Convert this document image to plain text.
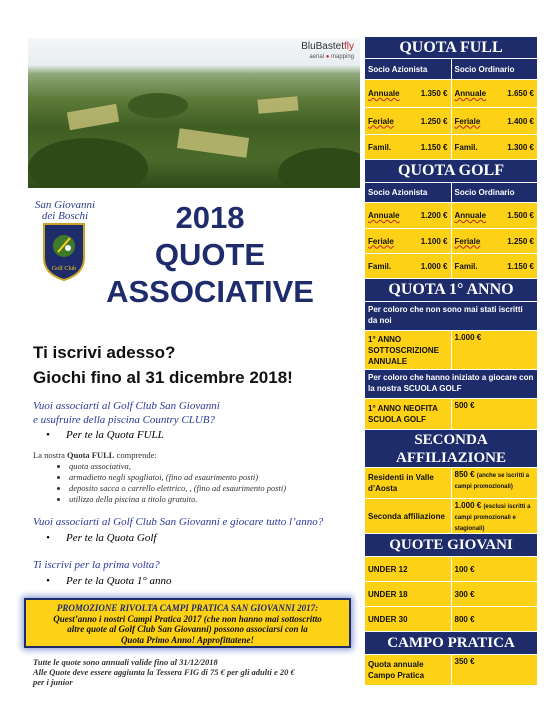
BluBastetfly
aerial ● mapping
San Giovanni
dei Boschi
Golf Club
2018
QUOTE
ASSOCIATIVE
Ti iscrivi adesso?
Giochi fino al 31 dicembre 2018!
Vuoi associarti al Golf Club San Giovanni
e usufruire della piscina Country CLUB?
• Per te la Quota FULL
La nostra Quota FULL comprende:
• quota associativa,
• armadietto negli spogliatoi, (fino ad esaurimento posti)
• deposito sacca o carrello elettrico, , (fino ad esaurimento posti)
• utilizzo della piscina a titolo gratuito.
Vuoi associarti al Golf Club San Giovanni e giocare tutto l’anno?
• Per te la Quota Golf
Ti iscrivi per la prima volta?
• Per te la Quota 1° anno
PROMOZIONE RIVOLTA CAMPI PRATICA SAN GIOVANNI 2017:
Quest’anno i nostri Campi Pratica 2017 (che non hanno mai sottoscritto
altre quote al Golf Club San Giovanni) possono associarsi con la
Quota Primo Anno! Approfittatene!
Tutte le quote sono annuali valide fino al 31/12/2018
Alle Quote deve essere aggiunta la Tessera FIG di 75 € per gli adulti e 20 €
per i junior
QUOTA FULL
Socio Azionista	Socio Ordinario
Annuale	1.350 € Annuale	1.650 €
Feriale	1.250 € Feriale	1.400 €
Famil.	1.150 € Famil.	1.300 €
QUOTA GOLF
Socio Azionista	Socio Ordinario
Annuale	1.200 € Annuale	1.500 €
Feriale	1.100 € Feriale	1.250 €
Famil.	1.000 € Famil.	1.150 €
QUOTA 1° ANNO
Per coloro che non sono mai stati iscritti da noi
1° ANNO SOTTOSCRIZIONE ANNUALE
1.000 €
Per coloro che hanno iniziato a giocare con la nostra SCUOLA GOLF
1° ANNO NEOFITA SCUOLA GOLF
500 €
SECONDA
AFFILIAZIONE
Residenti in Valle d’Aosta
850 € (anche se iscritti a campi promozionali)
Seconda affiliazione
1.000 € (esclusi iscritti a campi promozionali e stagionali)
QUOTE GIOVANI
UNDER 12	100 €
UNDER 18	300 €
UNDER 30	800 €
CAMPO PRATICA
Quota annuale Campo Pratica
350 €
